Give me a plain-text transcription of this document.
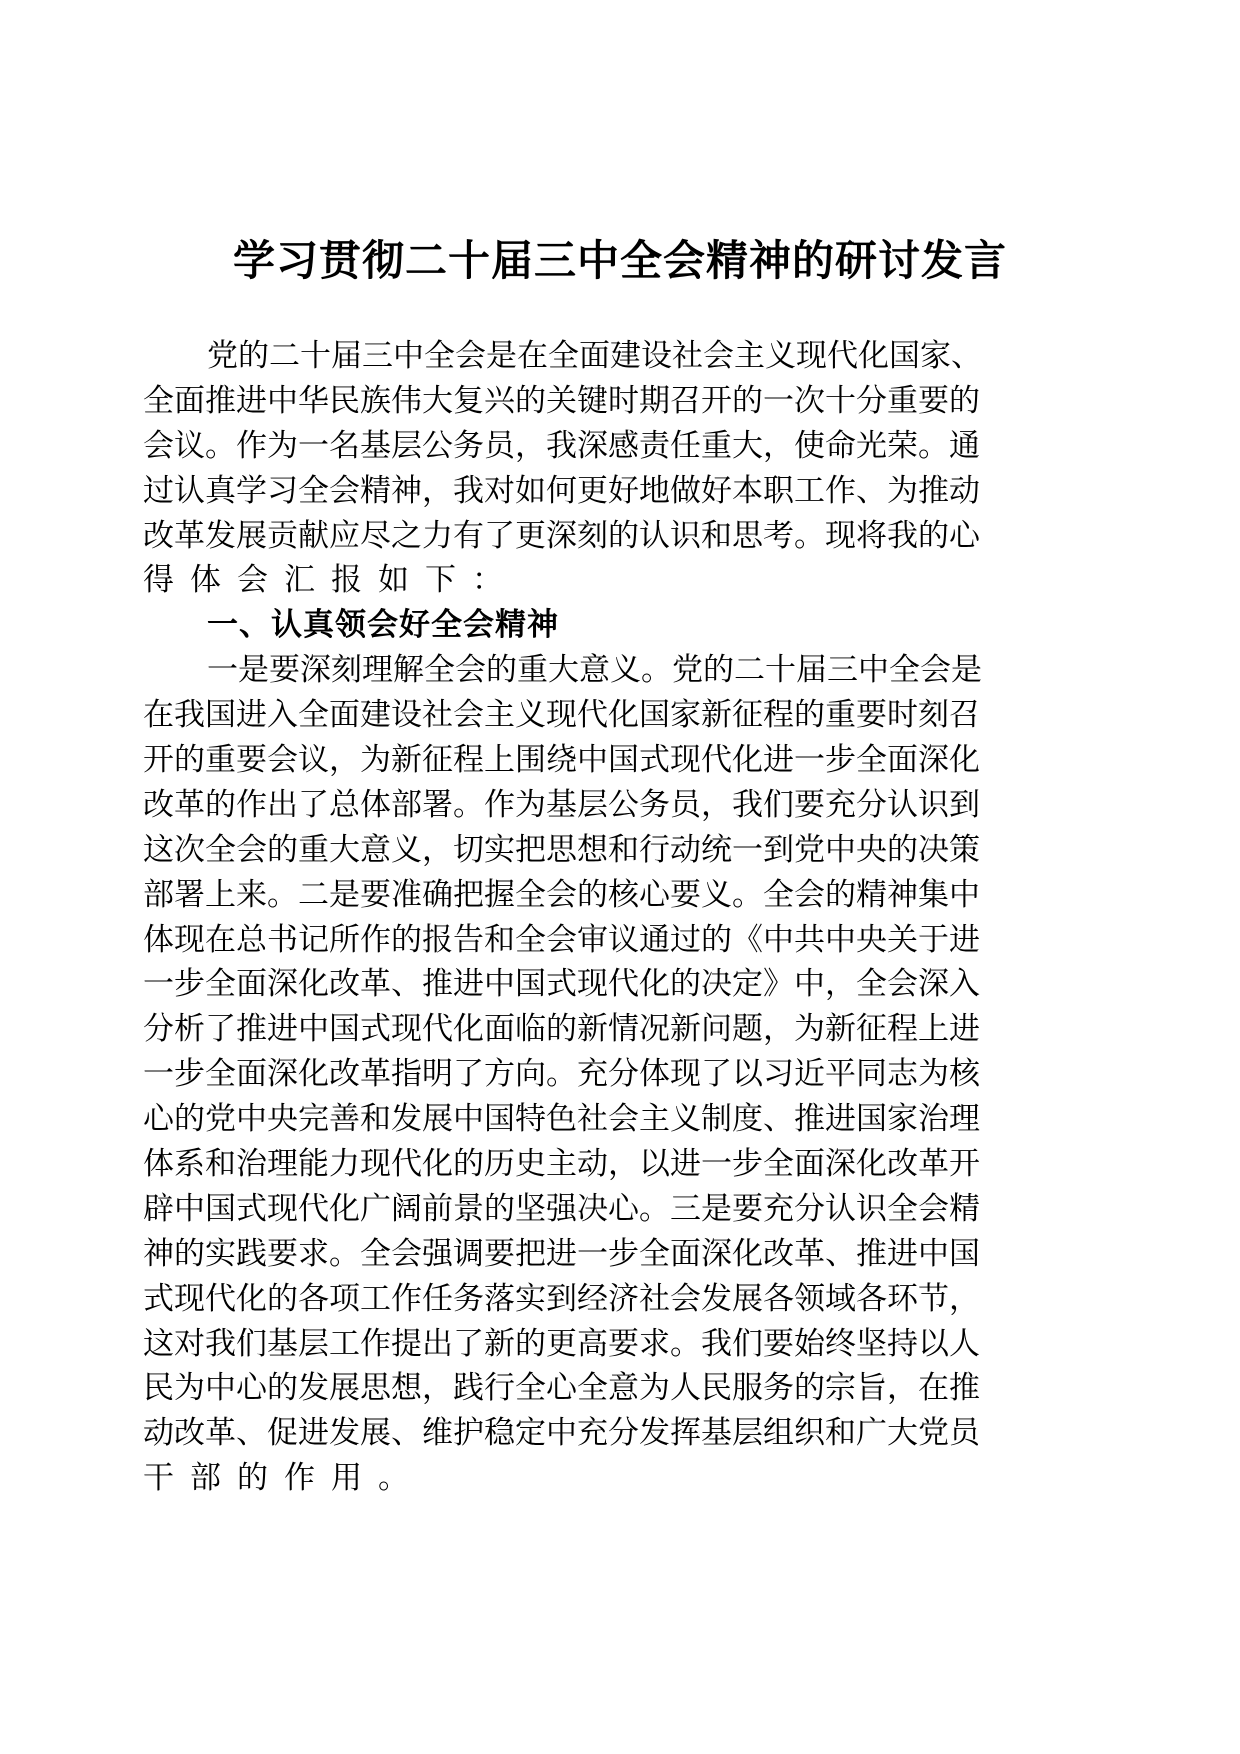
学习贯彻二十届三中全会精神的研讨发言
党的二十届三中全会是在全面建设社会主义现代化国家、
全面推进中华民族伟大复兴的关键时期召开的一次十分重要的
会议。作为一名基层公务员，我深感责任重大，使命光荣。通
过认真学习全会精神，我对如何更好地做好本职工作、为推动
改革发展贡献应尽之力有了更深刻的认识和思考。现将我的心
得体会汇报如下：
一、认真领会好全会精神
一是要深刻理解全会的重大意义。党的二十届三中全会是
在我国进入全面建设社会主义现代化国家新征程的重要时刻召
开的重要会议，为新征程上围绕中国式现代化进一步全面深化
改革的作出了总体部署。作为基层公务员，我们要充分认识到
这次全会的重大意义，切实把思想和行动统一到党中央的决策
部署上来。二是要准确把握全会的核心要义。全会的精神集中
体现在总书记所作的报告和全会审议通过的《中共中央关于进
一步全面深化改革、推进中国式现代化的决定》中，全会深入
分析了推进中国式现代化面临的新情况新问题，为新征程上进
一步全面深化改革指明了方向。充分体现了以习近平同志为核
心的党中央完善和发展中国特色社会主义制度、推进国家治理
体系和治理能力现代化的历史主动，以进一步全面深化改革开
辟中国式现代化广阔前景的坚强决心。三是要充分认识全会精
神的实践要求。全会强调要把进一步全面深化改革、推进中国
式现代化的各项工作任务落实到经济社会发展各领域各环节，
这对我们基层工作提出了新的更高要求。我们要始终坚持以人
民为中心的发展思想，践行全心全意为人民服务的宗旨，在推
动改革、促进发展、维护稳定中充分发挥基层组织和广大党员
干部的作用。
